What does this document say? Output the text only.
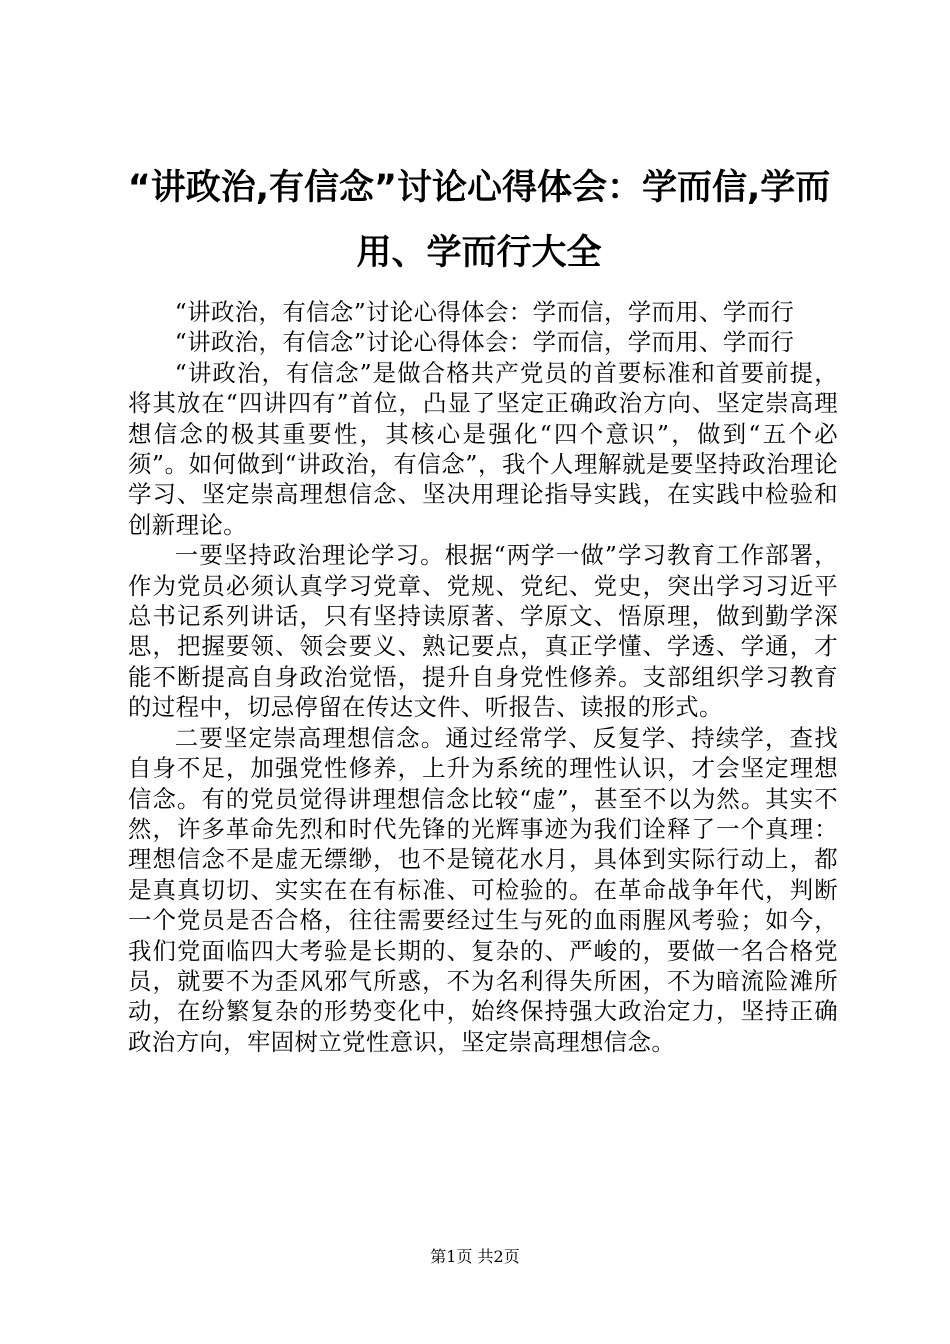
“讲政治,有信念”讨论心得体会：学而信,学而用、学而行大全

“讲政治，有信念”讨论心得体会：学而信，学而用、学而行

“讲政治，有信念”讨论心得体会：学而信，学而用、学而行

“讲政治，有信念”是做合格共产党员的首要标准和首要前提，将其放在“四讲四有”首位，凸显了坚定正确政治方向、坚定崇高理想信念的极其重要性，其核心是强化“四个意识”，做到“五个必须”。如何做到“讲政治，有信念”，我个人理解就是要坚持政治理论学习、坚定崇高理想信念、坚决用理论指导实践，在实践中检验和创新理论。

一要坚持政治理论学习。根据“两学一做”学习教育工作部署，作为党员必须认真学习党章、党规、党纪、党史，突出学习习近平总书记系列讲话，只有坚持读原著、学原文、悟原理，做到勤学深思，把握要领、领会要义、熟记要点，真正学懂、学透、学通，才能不断提高自身政治觉悟，提升自身党性修养。支部组织学习教育的过程中，切忌停留在传达文件、听报告、读报的形式。

二要坚定崇高理想信念。通过经常学、反复学、持续学，查找自身不足，加强党性修养，上升为系统的理性认识，才会坚定理想信念。有的党员觉得讲理想信念比较“虚”，甚至不以为然。其实不然，许多革命先烈和时代先锋的光辉事迹为我们诠释了一个真理：理想信念不是虚无缥缈，也不是镜花水月，具体到实际行动上，都是真真切切、实实在在有标准、可检验的。在革命战争年代，判断一个党员是否合格，往往需要经过生与死的血雨腥风考验；如今，我们党面临四大考验是长期的、复杂的、严峻的，要做一名合格党员，就要不为歪风邪气所惑，不为名利得失所困，不为暗流险滩所动，在纷繁复杂的形势变化中，始终保持强大政治定力，坚持正确政治方向，牢固树立党性意识，坚定崇高理想信念。

第1页 共2页
